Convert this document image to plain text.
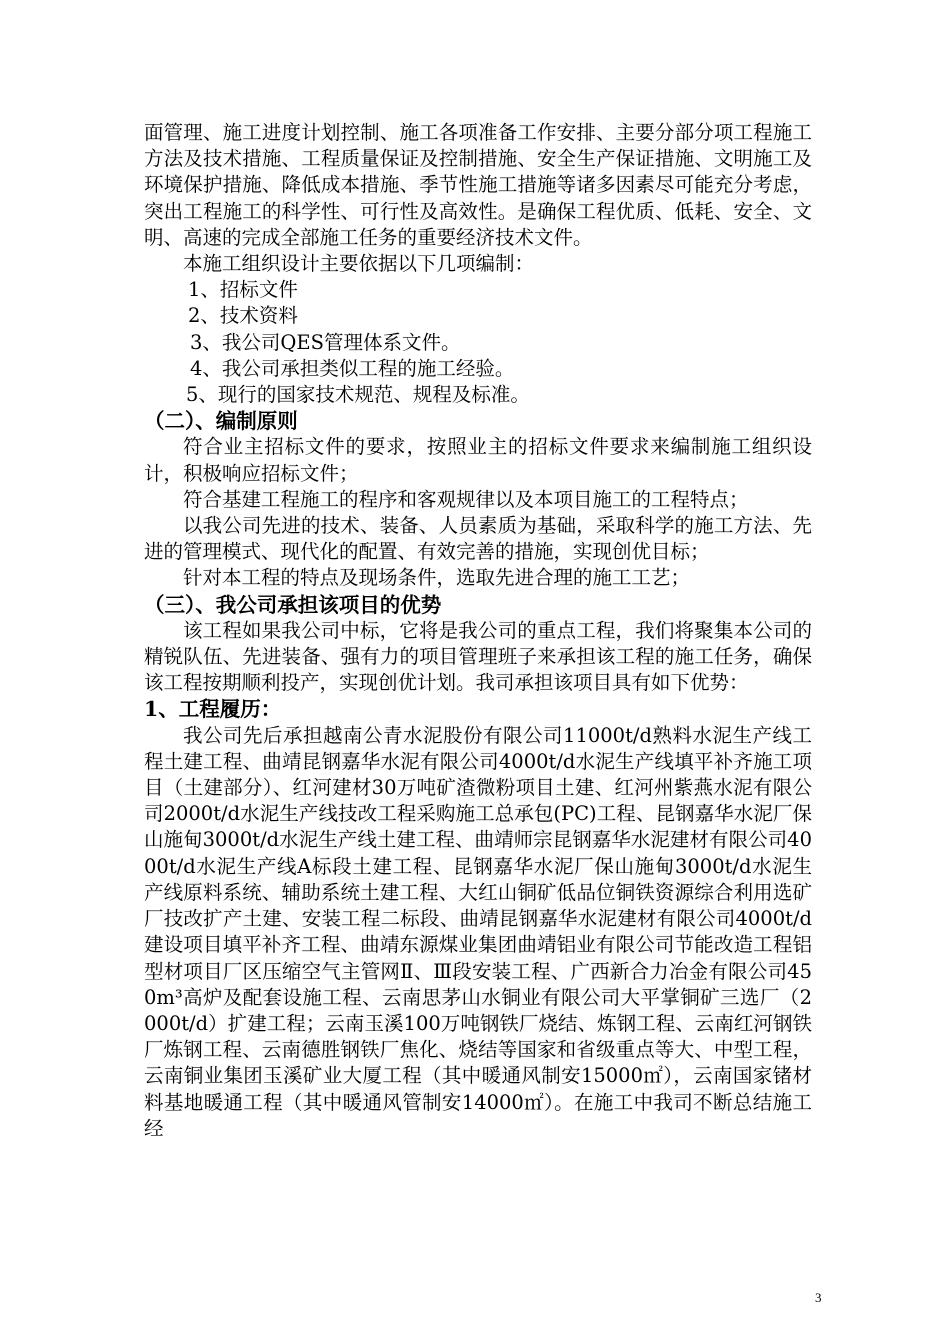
面管理、施工进度计划控制、施工各项准备工作安排、主要分部分项工程施工方法及技术措施、工程质量保证及控制措施、安全生产保证措施、文明施工及环境保护措施、降低成本措施、季节性施工措施等诸多因素尽可能充分考虑，突出工程施工的科学性、可行性及高效性。是确保工程优质、低耗、安全、文明、高速的完成全部施工任务的重要经济技术文件。

本施工组织设计主要依据以下几项编制：

1、招标文件

2、技术资料

3、我公司QES管理体系文件。

4、我公司承担类似工程的施工经验。

5、现行的国家技术规范、规程及标准。

（二）、编制原则

符合业主招标文件的要求，按照业主的招标文件要求来编制施工组织设计，积极响应招标文件；

符合基建工程施工的程序和客观规律以及本项目施工的工程特点；

以我公司先进的技术、装备、人员素质为基础，采取科学的施工方法、先进的管理模式、现代化的配置、有效完善的措施，实现创优目标；

针对本工程的特点及现场条件，选取先进合理的施工工艺；

（三）、我公司承担该项目的优势

该工程如果我公司中标，它将是我公司的重点工程，我们将聚集本公司的精锐队伍、先进装备、强有力的项目管理班子来承担该工程的施工任务，确保该工程按期顺利投产，实现创优计划。我司承担该项目具有如下优势：

1、工程履历：

我公司先后承担越南公青水泥股份有限公司11000t/d熟料水泥生产线工程土建工程、曲靖昆钢嘉华水泥有限公司4000t/d水泥生产线填平补齐施工项目（土建部分）、红河建材30万吨矿渣微粉项目土建、红河州紫燕水泥有限公司2000t/d水泥生产线技改工程采购施工总承包(PC)工程、昆钢嘉华水泥厂保山施甸3000t/d水泥生产线土建工程、曲靖师宗昆钢嘉华水泥建材有限公司4000t/d水泥生产线A标段土建工程、昆钢嘉华水泥厂保山施甸3000t/d水泥生产线原料系统、辅助系统土建工程、大红山铜矿低品位铜铁资源综合利用选矿厂技改扩产土建、安装工程二标段、曲靖昆钢嘉华水泥建材有限公司4000t/d建设项目填平补齐工程、曲靖东源煤业集团曲靖铝业有限公司节能改造工程铝型材项目厂区压缩空气主管网Ⅱ、Ⅲ段安装工程、广西新合力冶金有限公司450m³高炉及配套设施工程、云南思茅山水铜业有限公司大平掌铜矿三选厂（2000t/d）扩建工程；云南玉溪100万吨钢铁厂烧结、炼钢工程、云南红河钢铁厂炼钢工程、云南德胜钢铁厂焦化、烧结等国家和省级重点等大、中型工程，云南铜业集团玉溪矿业大厦工程（其中暖通风制安15000㎡），云南国家锗材料基地暖通工程（其中暖通风管制安14000㎡）。在施工中我司不断总结施工经

3
